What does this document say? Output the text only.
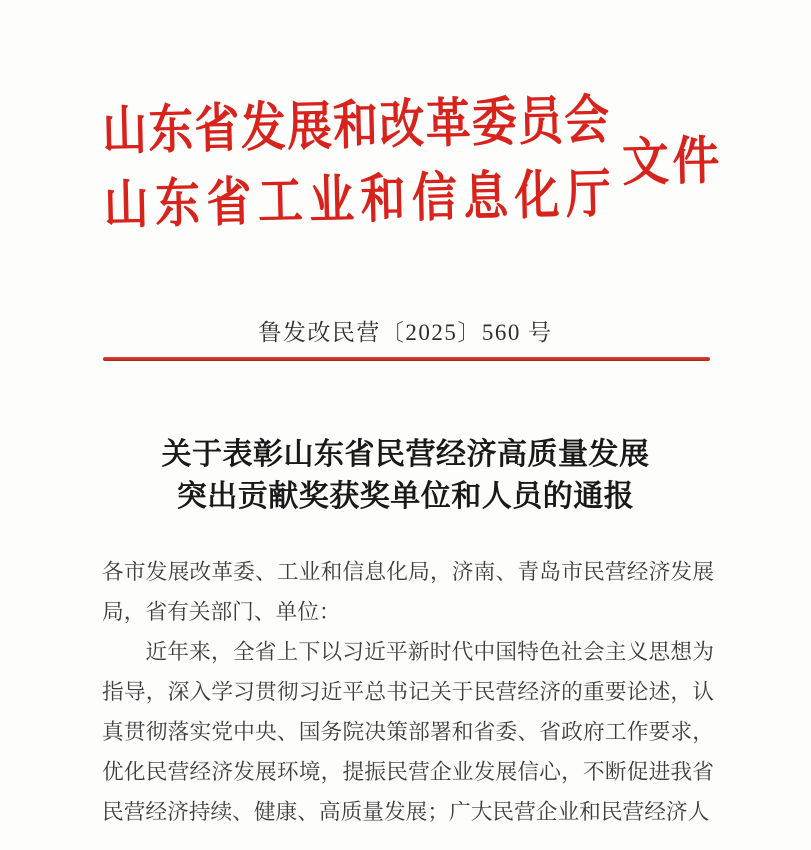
山东省发展和改革委员会
山东省工业和信息化厅
文件
鲁发改民营〔2025〕560 号
关于表彰山东省民营经济高质量发展
突出贡献奖获奖单位和人员的通报

各市发展改革委、工业和信息化局，济南、青岛市民营经济发展局，省有关部门、单位：

近年来，全省上下以习近平新时代中国特色社会主义思想为指导，深入学习贯彻习近平总书记关于民营经济的重要论述，认真贯彻落实党中央、国务院决策部署和省委、省政府工作要求，优化民营经济发展环境，提振民营企业发展信心，不断促进我省民营经济持续、健康、高质量发展；广大民营企业和民营经济人
